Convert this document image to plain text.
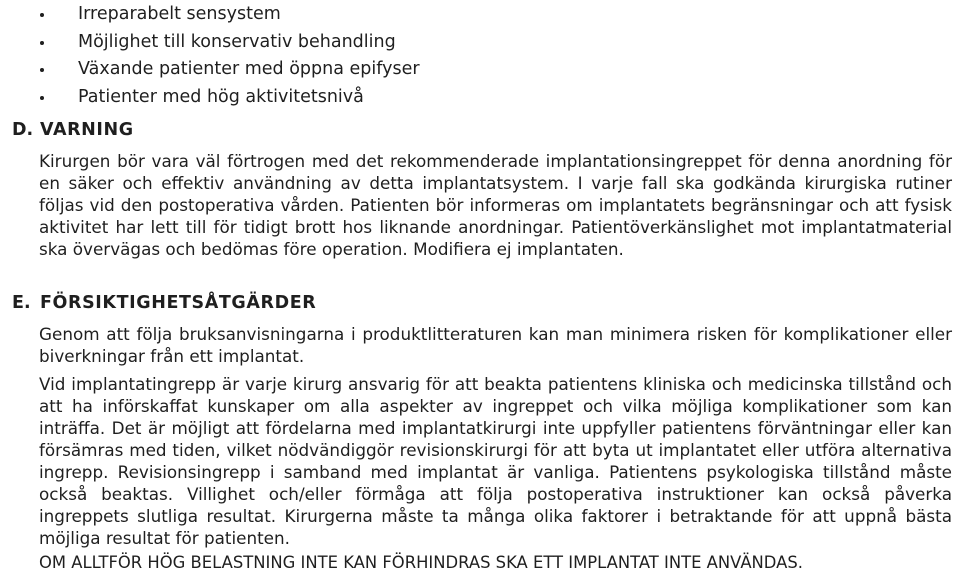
Irreparabelt sensystem
Möjlighet till konservativ behandling
Växande patienter med öppna epifyser
Patienter med hög aktivitetsnivå
D. VARNING

Kirurgen bör vara väl förtrogen med det rekommenderade implantationsingreppet för denna anordning för en säker och effektiv användning av detta implantatsystem. I varje fall ska godkända kirurgiska rutiner följas vid den postoperativa vården. Patienten bör informeras om implantatets begränsningar och att fysisk aktivitet har lett till för tidigt brott hos liknande anordningar. Patientöverkänslighet mot implantatmaterial ska övervägas och bedömas före operation. Modifiera ej implantaten.

E. FÖRSIKTIGHETSÅTGÄRDER

Genom att följa bruksanvisningarna i produktlitteraturen kan man minimera risken för komplikationer eller biverkningar från ett implantat.

Vid implantatingrepp är varje kirurg ansvarig för att beakta patientens kliniska och medicinska tillstånd och att ha införskaffat kunskaper om alla aspekter av ingreppet och vilka möjliga komplikationer som kan inträffa. Det är möjligt att fördelarna med implantatkirurgi inte uppfyller patientens förväntningar eller kan försämras med tiden, vilket nödvändiggör revisionskirurgi för att byta ut implantatet eller utföra alternativa ingrepp. Revisionsingrepp i samband med implantat är vanliga. Patientens psykologiska tillstånd måste också beaktas. Villighet och/eller förmåga att följa postoperativa instruktioner kan också påverka ingreppets slutliga resultat. Kirurgerna måste ta många olika faktorer i betraktande för att uppnå bästa möjliga resultat för patienten.

OM ALLTFÖR HÖG BELASTNING INTE KAN FÖRHINDRAS SKA ETT IMPLANTAT INTE ANVÄNDAS.
